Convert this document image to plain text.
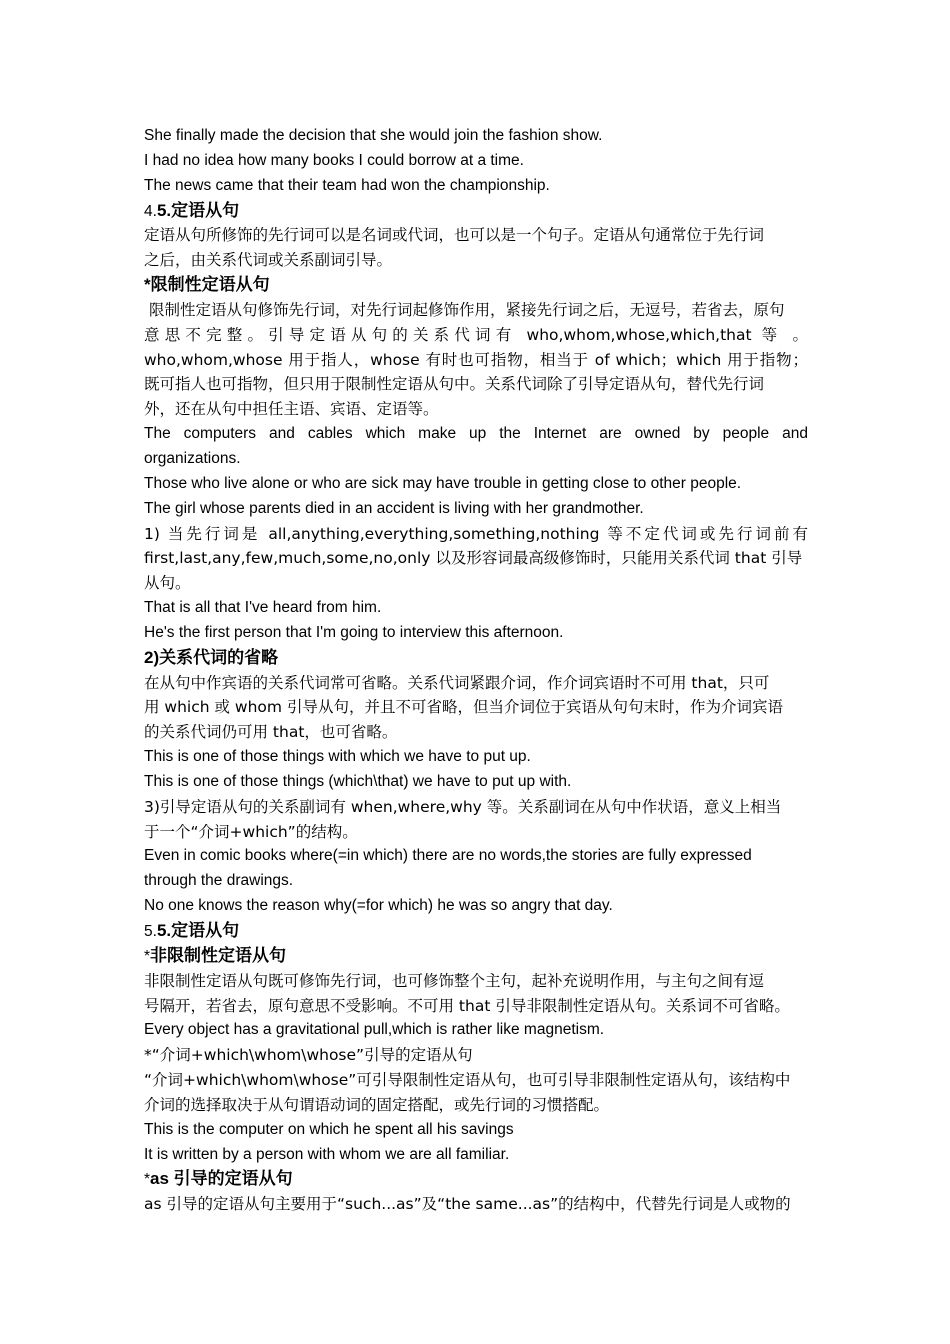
She finally made the decision that she would join the fashion show.
I had no idea how many books I could borrow at a time.
The news came that their team had won the championship.
4.5.定语从句
定语从句所修饰的先行词可以是名词或代词，也可以是一个句子。定语从句通常位于先行词
之后，由关系代词或关系副词引导。
*限制性定语从句
限制性定语从句修饰先行词，对先行词起修饰作用，紧接先行词之后，无逗号，若省去，原句
意思不完整。引导定语从句的关系代词有 who,whom,whose,which,that 等 。
who,whom,whose 用于指人，whose 有时也可指物，相当于 of which；which 用于指物；
既可指人也可指物，但只用于限制性定语从句中。关系代词除了引导定语从句，替代先行词
外，还在从句中担任主语、宾语、定语等。
The computers and cables which make up the Internet are owned by people and
organizations.
Those who live alone or who are sick may have trouble in getting close to other people.
The girl whose parents died in an accident is living with her grandmother.
1) 当先行词是 all,anything,everything,something,nothing 等不定代词或先行词前有
first,last,any,few,much,some,no,only 以及形容词最高级修饰时，只能用关系代词 that 引导
从句。
That is all that I've heard from him.
He's the first person that I'm going to interview this afternoon.
2)关系代词的省略
在从句中作宾语的关系代词常可省略。关系代词紧跟介词，作介词宾语时不可用 that，只可
用 which 或 whom 引导从句，并且不可省略，但当介词位于宾语从句句末时，作为介词宾语
的关系代词仍可用 that，也可省略。
This is one of those things with which we have to put up.
This is one of those things (which\that) we have to put up with.
3)引导定语从句的关系副词有 when,where,why 等。关系副词在从句中作状语，意义上相当
于一个“介词+which”的结构。
Even in comic books where(=in which) there are no words,the stories are fully expressed
through the drawings.
No one knows the reason why(=for which) he was so angry that day.
5.5.定语从句
*非限制性定语从句
非限制性定语从句既可修饰先行词，也可修饰整个主句，起补充说明作用，与主句之间有逗
号隔开，若省去，原句意思不受影响。不可用 that 引导非限制性定语从句。关系词不可省略。
Every object has a gravitational pull,which is rather like magnetism.
*“介词+which\whom\whose”引导的定语从句
“介词+which\whom\whose”可引导限制性定语从句，也可引导非限制性定语从句，该结构中
介词的选择取决于从句谓语动词的固定搭配，或先行词的习惯搭配。
This is the computer on which he spent all his savings
It is written by a person with whom we are all familiar.
*as 引导的定语从句
as 引导的定语从句主要用于“such...as”及“the same...as”的结构中，代替先行词是人或物的
